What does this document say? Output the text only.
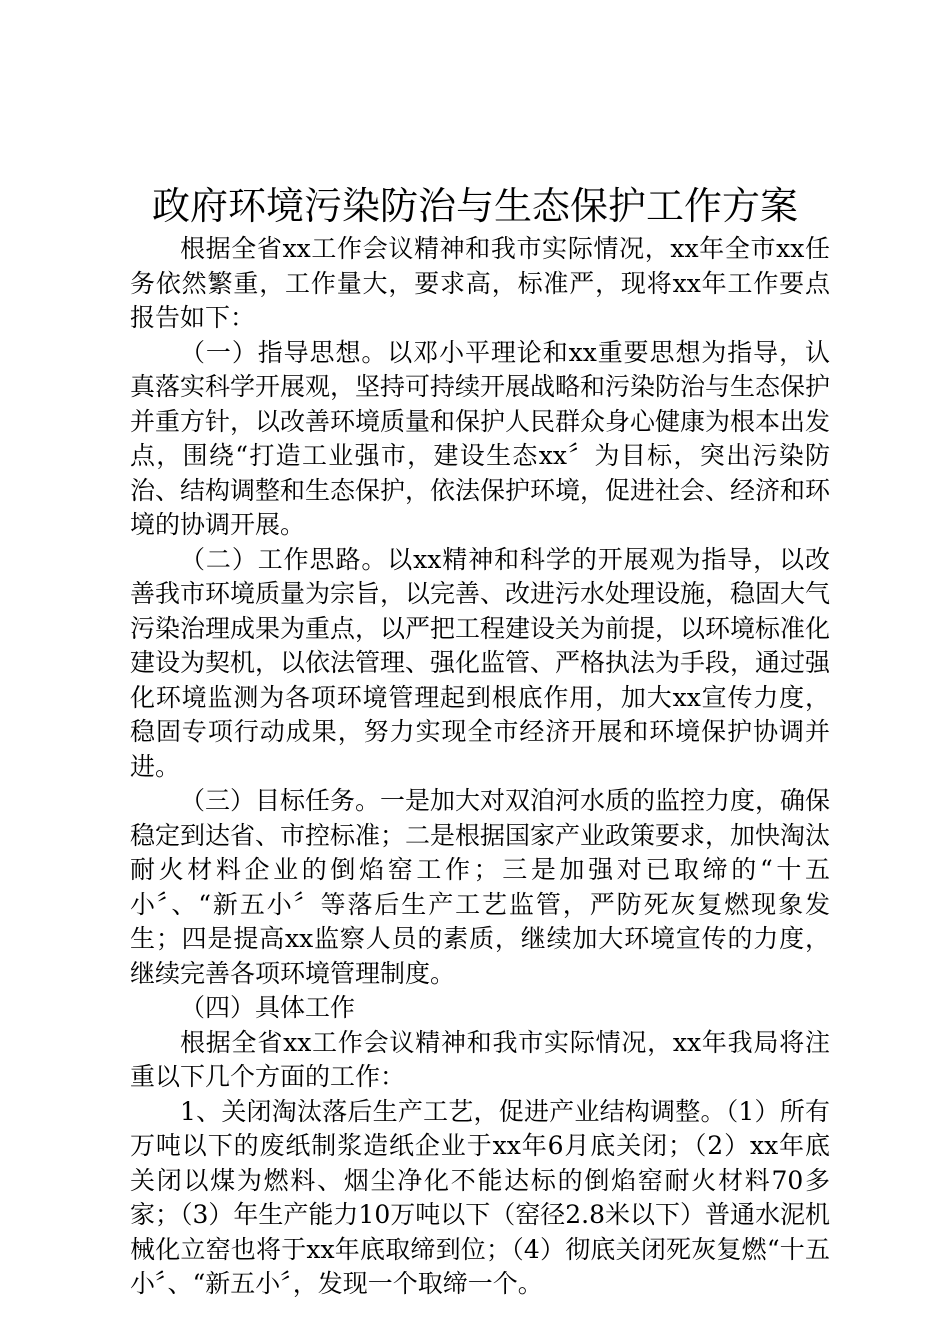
政府环境污染防治与生态保护工作方案

根据全省xx工作会议精神和我市实际情况，xx年全市xx任务依然繁重，工作量大，要求高，标准严，现将xx年工作要点报告如下：

（一）指导思想。以邓小平理论和xx重要思想为指导，认真落实科学开展观，坚持可持续开展战略和污染防治与生态保护并重方针，以改善环境质量和保护人民群众身心健康为根本出发点，围绕“打造工业强市，建设生态xx〞为目标，突出污染防治、结构调整和生态保护，依法保护环境，促进社会、经济和环境的协调开展。

（二）工作思路。以xx精神和科学的开展观为指导，以改善我市环境质量为宗旨，以完善、改进污水处理设施，稳固大气污染治理成果为重点，以严把工程建设关为前提，以环境标准化建设为契机，以依法管理、强化监管、严格执法为手段，通过强化环境监测为各项环境管理起到根底作用，加大xx宣传力度，稳固专项行动成果，努力实现全市经济开展和环境保护协调并进。

（三）目标任务。一是加大对双洎河水质的监控力度，确保稳定到达省、市控标准；二是根据国家产业政策要求，加快淘汰耐火材料企业的倒焰窑工作；三是加强对已取缔的“十五小〞、“新五小〞等落后生产工艺监管，严防死灰复燃现象发生；四是提高xx监察人员的素质，继续加大环境宣传的力度，继续完善各项环境管理制度。

（四）具体工作

根据全省xx工作会议精神和我市实际情况，xx年我局将注重以下几个方面的工作：

1、关闭淘汰落后生产工艺，促进产业结构调整。（1）所有万吨以下的废纸制浆造纸企业于xx年6月底关闭；（2）xx年底关闭以煤为燃料、烟尘净化不能达标的倒焰窑耐火材料70多家；（3）年生产能力10万吨以下（窑径2.8米以下）普通水泥机械化立窑也将于xx年底取缔到位；（4）彻底关闭死灰复燃“十五小〞、“新五小〞，发现一个取缔一个。
